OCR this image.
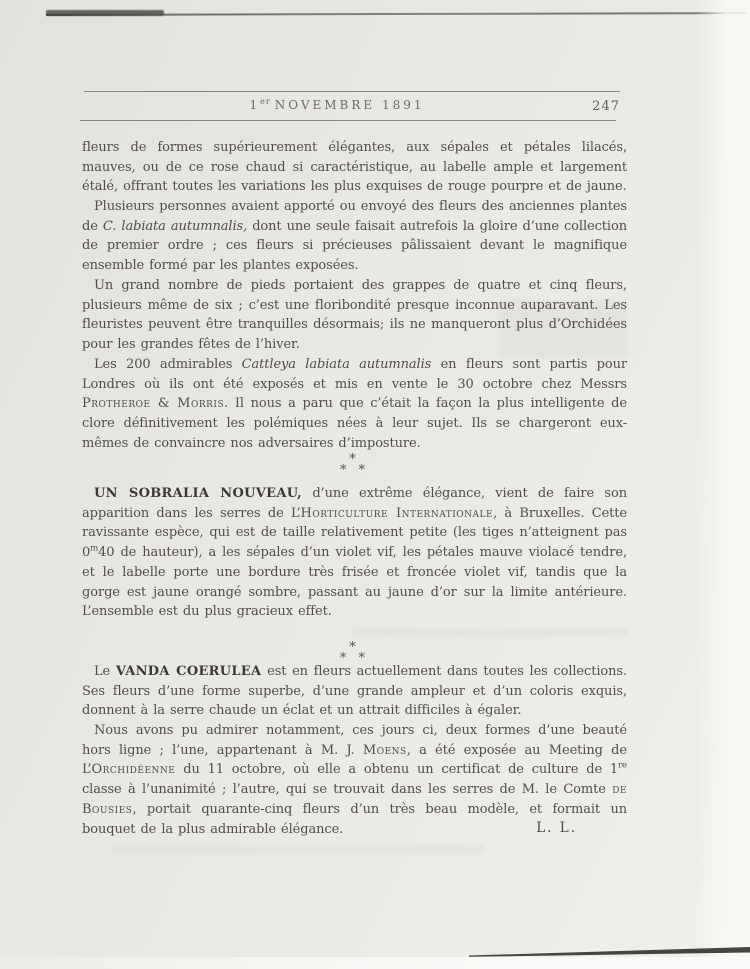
1er NOVEMBRE 1891	247

fleurs de formes supérieurement élégantes, aux sépales et pétales lilacés, mauves, ou de ce rose chaud si caractéristique, au labelle ample et largement étalé, offrant toutes les variations les plus exquises de rouge pourpre et de jaune.

Plusieurs personnes avaient apporté ou envoyé des fleurs des anciennes plantes de C. labiata autumnalis, dont une seule faisait autrefois la gloire d’une collection de premier ordre ; ces fleurs si précieuses pâlissaient devant le magnifique ensemble formé par les plantes exposées.

Un grand nombre de pieds portaient des grappes de quatre et cinq fleurs, plusieurs même de six ; c’est une floribondité presque inconnue auparavant. Les fleuristes peuvent être tranquilles désormais; ils ne manqueront plus d’Orchidées pour les grandes fêtes de l’hiver.

Les 200 admirables Cattleya labiata autumnalis en fleurs sont partis pour Londres où ils ont été exposés et mis en vente le 30 octobre chez Messrs Protheroe & Morris. Il nous a paru que c’était la façon la plus intelligente de clore définitivement les polémiques nées à leur sujet. Ils se chargeront eux-mêmes de convaincre nos adversaires d’imposture.

*
* *

UN SOBRALIA NOUVEAU, d’une extrême élégance, vient de faire son apparition dans les serres de L’Horticulture Internationale, à Bruxelles. Cette ravissante espèce, qui est de taille relativement petite (les tiges n’atteignent pas 0$^m$40 de hauteur), a les sépales d’un violet vif, les pétales mauve violacé tendre, et le labelle porte une bordure très frisée et froncée violet vif, tandis que la gorge est jaune orangé sombre, passant au jaune d’or sur la limite antérieure. L’ensemble est du plus gracieux effet.

*
* *

Le VANDA COERULEA est en fleurs actuellement dans toutes les collections. Ses fleurs d’une forme superbe, d’une grande ampleur et d’un coloris exquis, donnent à la serre chaude un éclat et un attrait difficiles à égaler.

Nous avons pu admirer notamment, ces jours ci, deux formes d’une beauté hors ligne ; l’une, appartenant à M. J. Moens, a été exposée au Meeting de L’Orchidéenne du 11 octobre, où elle a obtenu un certificat de culture de 1re classe à l’unanimité ; l’autre, qui se trouvait dans les serres de M. le Comte de Bousies, portait quarante-cinq fleurs d’un très beau modèle, et formait un bouquet de la plus admirable élégance.	L. L.
